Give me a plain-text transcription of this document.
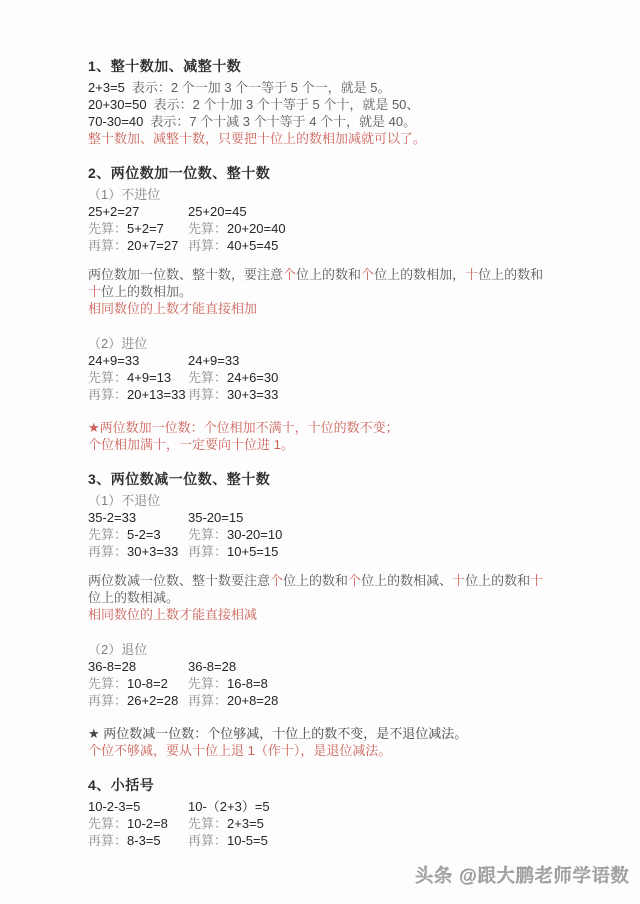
1、整十数加、减整十数
2+3=5 表示：2 个一加 3 个一等于 5 个一，就是 5。
20+30=50 表示：2 个十加 3 个十等于 5 个十，就是 50、
70-30=40 表示：7 个十减 3 个十等于 4 个十，就是 40。
整十数加、减整十数，只要把十位上的数相加减就可以了。
2、两位数加一位数、整十数
（1）不进位
25+2=27	25+20=45
先算：5+2=7	先算：20+20=40
再算：20+7=27 再算：40+5=45
两位数加一位数、整十数，要注意个位上的数和个位上的数相加，十位上的数和
十位上的数相加。
相同数位的上数才能直接相加
（2）进位
24+9=33	24+9=33
先算：4+9=13	先算：24+6=30
再算：20+13=33 再算：30+3=33
★两位数加一位数：个位相加不满十，十位的数不变；
个位相加满十，一定要向十位进 1。
3、两位数减一位数、整十数
（1）不退位
35-2=33	35-20=15
先算：5-2=3	先算：30-20=10
再算：30+3=33 再算：10+5=15
两位数减一位数、整十数要注意个位上的数和个位上的数相减、十位上的数和十
位上的数相减。
相同数位的上数才能直接相减
（2）退位
36-8=28	36-8=28
先算：10-8=2	先算：16-8=8
再算：26+2=28 再算：20+8=28
★ 两位数减一位数：个位够减，十位上的数不变，是不退位减法。
个位不够减，要从十位上退 1（作十），是退位减法。
4、小括号
10-2-3=5	10-（2+3）=5
先算：10-2=8	先算：2+3=5
再算：8-3=5	再算：10-5=5
头条 @跟大鹏老师学语数
